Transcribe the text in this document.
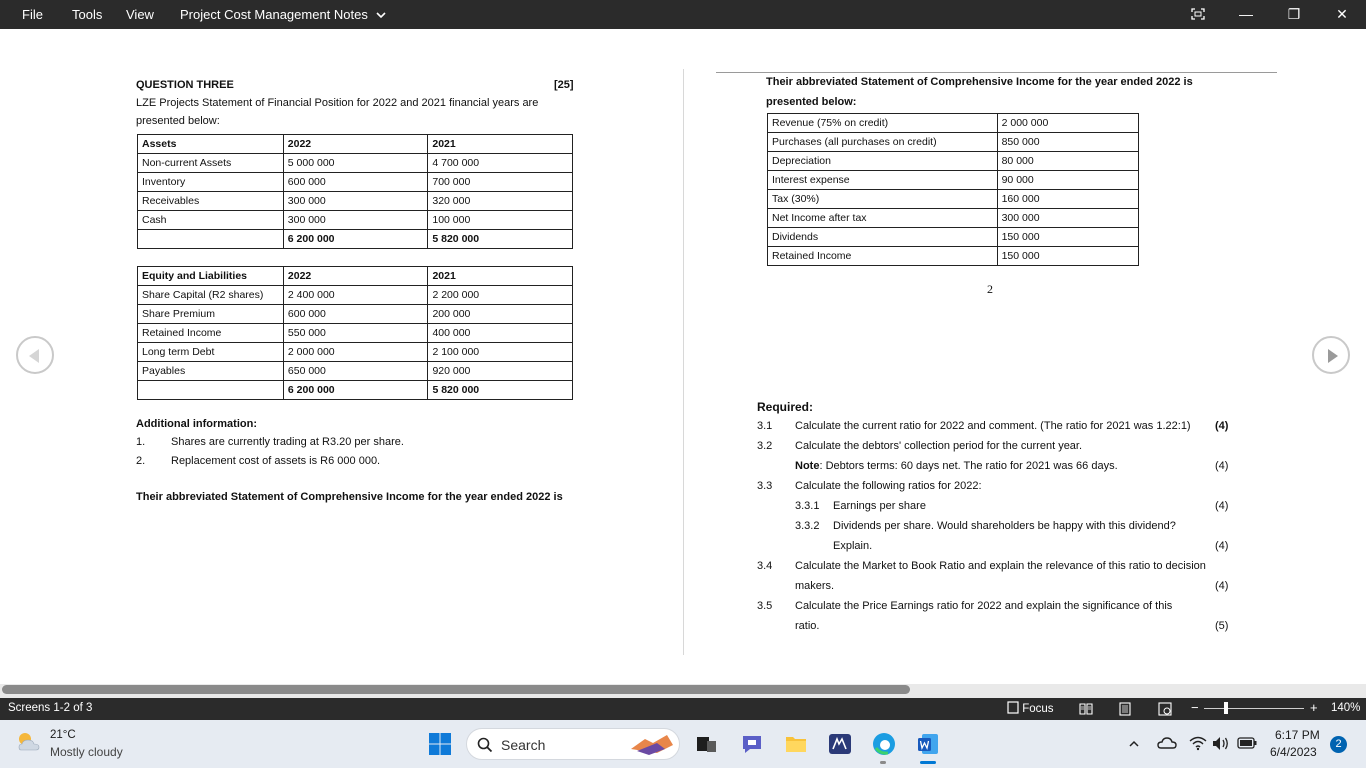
File Tools View Project Cost Management Notes	—	❐	✕
QUESTION THREE	[25]
LZE Projects Statement of Financial Position for 2022 and 2021 financial years are
presented below:
Assets	2022	2021
Non-current Assets	5 000 000	4 700 000
Inventory	600 000	700 000
Receivables	300 000	320 000
Cash	300 000	100 000
	6 200 000	5 820 000
Equity and Liabilities	2022	2021
Share Capital (R2 shares)	2 400 000	2 200 000
Share Premium	600 000	200 000
Retained Income	550 000	400 000
Long term Debt	2 000 000	2 100 000
Payables	650 000	920 000
	6 200 000	5 820 000
Additional information:
1. Shares are currently trading at R3.20 per share.
2. Replacement cost of assets is R6 000 000.
Their abbreviated Statement of Comprehensive Income for the year ended 2022 is
Their abbreviated Statement of Comprehensive Income for the year ended 2022 is
presented below:
Revenue (75% on credit)	2 000 000
Purchases (all purchases on credit)	850 000
Depreciation	80 000
Interest expense	90 000
Tax (30%)	160 000
Net Income after tax	300 000
Dividends	150 000
Retained Income	150 000
2
Required:
3.1 Calculate the current ratio for 2022 and comment. (The ratio for 2021 was 1.22:1) (4)
3.2 Calculate the debtors' collection period for the current year.
Note: Debtors terms: 60 days net. The ratio for 2021 was 66 days.	(4)
3.3 Calculate the following ratios for 2022:
3.3.1 Earnings per share	(4)
3.3.2 Dividends per share. Would shareholders be happy with this dividend?
Explain.	(4)
3.4 Calculate the Market to Book Ratio and explain the relevance of this ratio to decision
makers.	(4)
3.5 Calculate the Price Earnings ratio for 2022 and explain the significance of this
ratio.	(5)
Screens 1-2 of 3	Focus	−	+ 140%
21°C
Mostly cloudy	Search
6:17 PM
6/4/2023
2
